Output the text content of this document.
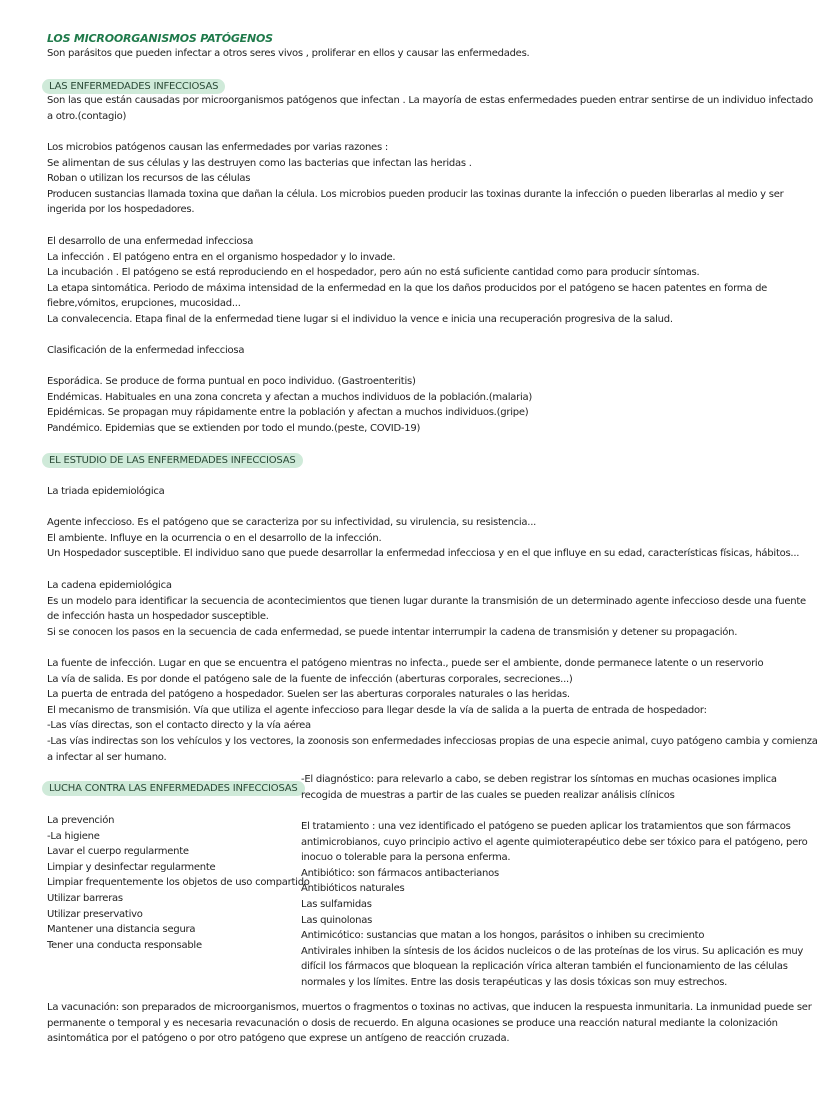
LOS MICROORGANISMOS PATÓGENOS
Son parásitos que pueden infectar a otros seres vivos , proliferar en ellos y causar las enfermedades.
LAS ENFERMEDADES INFECCIOSAS
Son las que están causadas por microorganismos patógenos que infectan . La mayoría de estas enfermedades pueden entrar sentirse de un individuo infectado
a otro.(contagio)
Los microbios patógenos causan las enfermedades por varias razones :
Se alimentan de sus células y las destruyen como las bacterias que infectan las heridas .
Roban o utilizan los recursos de las células
Producen sustancias llamada toxina que dañan la célula. Los microbios pueden producir las toxinas durante la infección o pueden liberarlas al medio y ser
ingerida por los hospedadores.
El desarrollo de una enfermedad infecciosa
La infección . El patógeno entra en el organismo hospedador y lo invade.
La incubación . El patógeno se está reproduciendo en el hospedador, pero aún no está suficiente cantidad como para producir síntomas.
La etapa sintomática. Periodo de máxima intensidad de la enfermedad en la que los daños producidos por el patógeno se hacen patentes en forma de
fiebre,vómitos, erupciones, mucosidad...
La convalecencia. Etapa final de la enfermedad tiene lugar si el individuo la vence e inicia una recuperación progresiva de la salud.
Clasificación de la enfermedad infecciosa
Esporádica. Se produce de forma puntual en poco individuo. (Gastroenteritis)
Endémicas. Habituales en una zona concreta y afectan a muchos individuos de la población.(malaria)
Epidémicas. Se propagan muy rápidamente entre la población y afectan a muchos individuos.(gripe)
Pandémico. Epidemias que se extienden por todo el mundo.(peste, COVID-19)
EL ESTUDIO DE LAS ENFERMEDADES INFECCIOSAS
La triada epidemiológica
Agente infeccioso. Es el patógeno que se caracteriza por su infectividad, su virulencia, su resistencia...
El ambiente. Influye en la ocurrencia o en el desarrollo de la infección.
Un Hospedador susceptible. El individuo sano que puede desarrollar la enfermedad infecciosa y en el que influye en su edad, características físicas, hábitos...
La cadena epidemiológica
Es un modelo para identificar la secuencia de acontecimientos que tienen lugar durante la transmisión de un determinado agente infeccioso desde una fuente
de infección hasta un hospedador susceptible.
Si se conocen los pasos en la secuencia de cada enfermedad, se puede intentar interrumpir la cadena de transmisión y detener su propagación.
La fuente de infección. Lugar en que se encuentra el patógeno mientras no infecta., puede ser el ambiente, donde permanece latente o un reservorio
La vía de salida. Es por donde el patógeno sale de la fuente de infección (aberturas corporales, secreciones...)
La puerta de entrada del patógeno a hospedador. Suelen ser las aberturas corporales naturales o las heridas.
El mecanismo de transmisión. Vía que utiliza el agente infeccioso para llegar desde la vía de salida a la puerta de entrada de hospedador:
-Las vías directas, son el contacto directo y la vía aérea
-Las vías indirectas son los vehículos y los vectores, la zoonosis son enfermedades infecciosas propias de una especie animal, cuyo patógeno cambia y comienza
a infectar al ser humano.
LUCHA CONTRA LAS ENFERMEDADES INFECCIOSAS
La prevención
-La higiene
Lavar el cuerpo regularmente
Limpiar y desinfectar regularmente
Limpiar frequentemente los objetos de uso compartido
Utilizar barreras
Utilizar preservativo
Mantener una distancia segura
Tener una conducta responsable
-El diagnóstico: para relevarlo a cabo, se deben registrar los síntomas en muchas ocasiones implica
recogida de muestras a partir de las cuales se pueden realizar análisis clínicos
El tratamiento : una vez identificado el patógeno se pueden aplicar los tratamientos que son fármacos
antimicrobianos, cuyo principio activo el agente quimioterapéutico debe ser tóxico para el patógeno, pero
inocuo o tolerable para la persona enferma.
Antibiótico: son fármacos antibacterianos
Antibióticos naturales
Las sulfamidas
Las quinolonas
Antimicótico: sustancias que matan a los hongos, parásitos o inhiben su crecimiento
Antivirales inhiben la síntesis de los ácidos nucleicos o de las proteínas de los virus. Su aplicación es muy
difícil los fármacos que bloquean la replicación vírica alteran también el funcionamiento de las células
normales y los límites. Entre las dosis terapéuticas y las dosis tóxicas son muy estrechos.
La vacunación: son preparados de microorganismos, muertos o fragmentos o toxinas no activas, que inducen la respuesta inmunitaria. La inmunidad puede ser
permanente o temporal y es necesaria revacunación o dosis de recuerdo. En alguna ocasiones se produce una reacción natural mediante la colonización
asintomática por el patógeno o por otro patógeno que exprese un antígeno de reacción cruzada.
